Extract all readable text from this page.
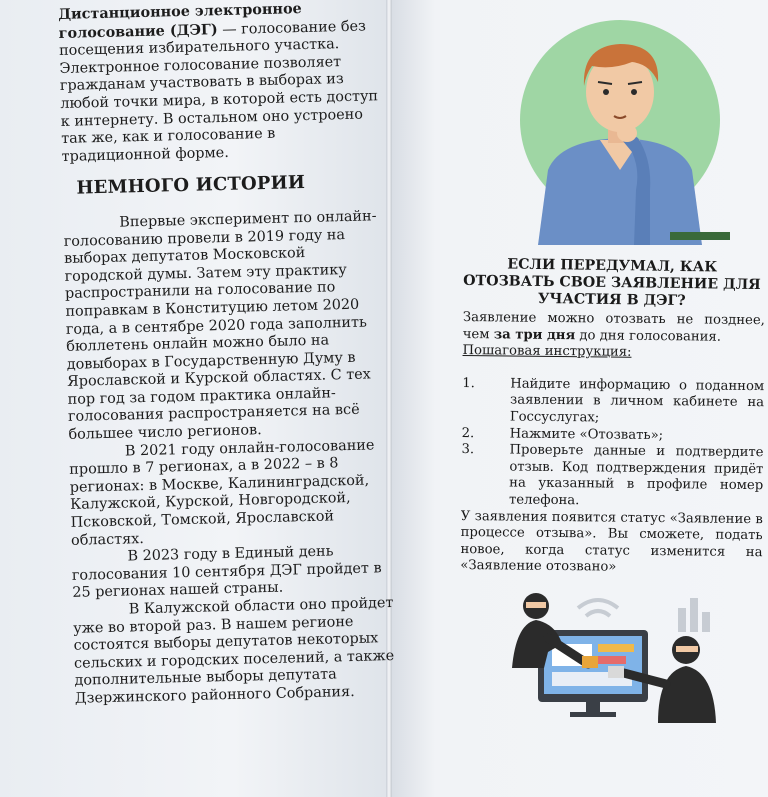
Дистанционное электронное голосование (ДЭГ) — голосование без посещения избирательного участка. Электронное голосование позволяет гражданам участвовать в выборах из любой точки мира, в которой есть доступ к интернету. В остальном оно устроено так же, как и голосование в традиционной форме.

НЕМНОГО ИСТОРИИ

Впервые эксперимент по онлайн-голосованию провели в 2019 году на выборах депутатов Московской городской думы. Затем эту практику распространили на голосование по поправкам в Конституцию летом 2020 года, а в сентябре 2020 года заполнить бюллетень онлайн можно было на довыборах в Государственную Думу в Ярославской и Курской областях. С тех пор год за годом практика онлайн-голосования распространяется на всё большее число регионов.

В 2021 году онлайн-голосование прошло в 7 регионах, а в 2022 – в 8 регионах: в Москве, Калининградской, Калужской, Курской, Новгородской, Псковской, Томской, Ярославской областях.

В 2023 году в Единый день голосования 10 сентября ДЭГ пройдет в 25 регионах нашей страны.

В Калужской области оно пройдет уже во второй раз. В нашем регионе состоятся выборы депутатов некоторых сельских и городских поселений, а также дополнительные выборы депутата Дзержинского районного Собрания.

ЕСЛИ ПЕРЕДУМАЛ, КАК ОТОЗВАТЬ СВОЕ ЗАЯВЛЕНИЕ ДЛЯ УЧАСТИЯ В ДЭГ?

Заявление можно отозвать не позднее, чем за три дня до дня голосования.

Пошаговая инструкция:

1.	Найдите информацию о поданном заявлении в личном кабинете на Госсуслугах;
2.	Нажмите «Отозвать»;
3.	Проверьте данные и подтвердите отзыв. Код подтверждения придёт на указанный в профиле номер телефона.

У заявления появится статус «Заявление в процессе отзыва». Вы сможете, подать новое, когда статус изменится на «Заявление отозвано»
